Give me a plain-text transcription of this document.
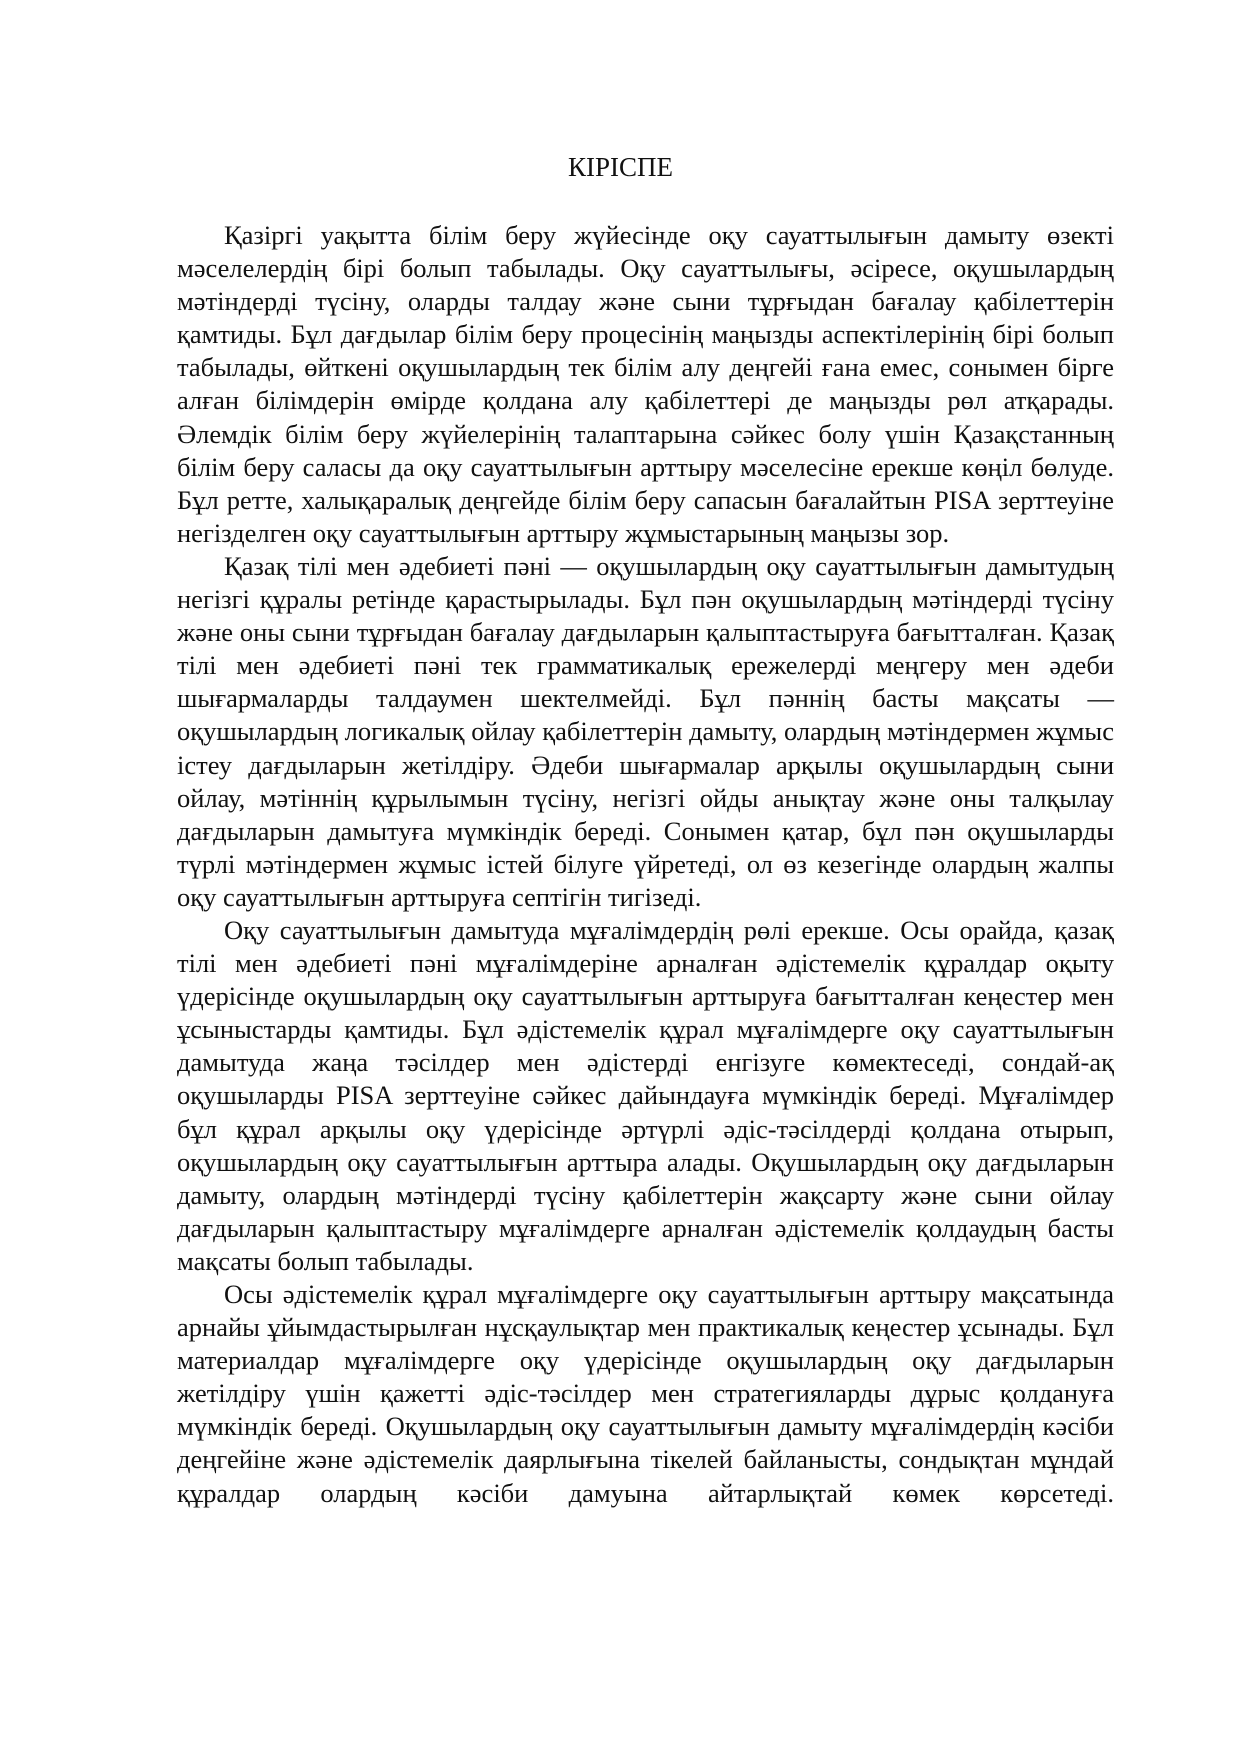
КІРІСПЕ

Қазіргі уақытта білім беру жүйесінде оқу сауаттылығын дамыту өзекті мәселелердің бірі болып табылады. Оқу сауаттылығы, әсіресе, оқушылардың мәтіндерді түсіну, оларды талдау және сыни тұрғыдан бағалау қабілеттерін қамтиды. Бұл дағдылар білім беру процесінің маңызды аспектілерінің бірі болып табылады, өйткені оқушылардың тек білім алу деңгейі ғана емес, сонымен бірге алған білімдерін өмірде қолдана алу қабілеттері де маңызды рөл атқарады. Әлемдік білім беру жүйелерінің талаптарына сәйкес болу үшін Қазақстанның білім беру саласы да оқу сауаттылығын арттыру мәселесіне ерекше көңіл бөлуде. Бұл ретте, халықаралық деңгейде білім беру сапасын бағалайтын PISA зерттеуіне негізделген оқу сауаттылығын арттыру жұмыстарының маңызы зор.

Қазақ тілі мен әдебиеті пәні — оқушылардың оқу сауаттылығын дамытудың негізгі құралы ретінде қарастырылады. Бұл пән оқушылардың мәтіндерді түсіну және оны сыни тұрғыдан бағалау дағдыларын қалыптастыруға бағытталған. Қазақ тілі мен әдебиеті пәні тек грамматикалық ережелерді меңгеру мен әдеби шығармаларды талдаумен шектелмейді. Бұл пәннің басты мақсаты — оқушылардың логикалық ойлау қабілеттерін дамыту, олардың мәтіндермен жұмыс істеу дағдыларын жетілдіру. Әдеби шығармалар арқылы оқушылардың сыни ойлау, мәтіннің құрылымын түсіну, негізгі ойды анықтау және оны талқылау дағдыларын дамытуға мүмкіндік береді. Сонымен қатар, бұл пән оқушыларды түрлі мәтіндермен жұмыс істей білуге үйретеді, ол өз кезегінде олардың жалпы оқу сауаттылығын арттыруға септігін тигізеді.

Оқу сауаттылығын дамытуда мұғалімдердің рөлі ерекше. Осы орайда, қазақ тілі мен әдебиеті пәні мұғалімдеріне арналған әдістемелік құралдар оқыту үдерісінде оқушылардың оқу сауаттылығын арттыруға бағытталған кеңестер мен ұсыныстарды қамтиды. Бұл әдістемелік құрал мұғалімдерге оқу сауаттылығын дамытуда жаңа тәсілдер мен әдістерді енгізуге көмектеседі, сондай-ақ оқушыларды PISA зерттеуіне сәйкес дайындауға мүмкіндік береді. Мұғалімдер бұл құрал арқылы оқу үдерісінде әртүрлі әдіс-тәсілдерді қолдана отырып, оқушылардың оқу сауаттылығын арттыра алады. Оқушылардың оқу дағдыларын дамыту, олардың мәтіндерді түсіну қабілеттерін жақсарту және сыни ойлау дағдыларын қалыптастыру мұғалімдерге арналған әдістемелік қолдаудың басты мақсаты болып табылады.

Осы әдістемелік құрал мұғалімдерге оқу сауаттылығын арттыру мақсатында арнайы ұйымдастырылған нұсқаулықтар мен практикалық кеңестер ұсынады. Бұл материалдар мұғалімдерге оқу үдерісінде оқушылардың оқу дағдыларын жетілдіру үшін қажетті әдіс-тәсілдер мен стратегияларды дұрыс қолдануға мүмкіндік береді. Оқушылардың оқу сауаттылығын дамыту мұғалімдердің кәсіби деңгейіне және әдістемелік даярлығына тікелей байланысты, сондықтан мұндай құралдар олардың кәсіби дамуына айтарлықтай көмек көрсетеді.
